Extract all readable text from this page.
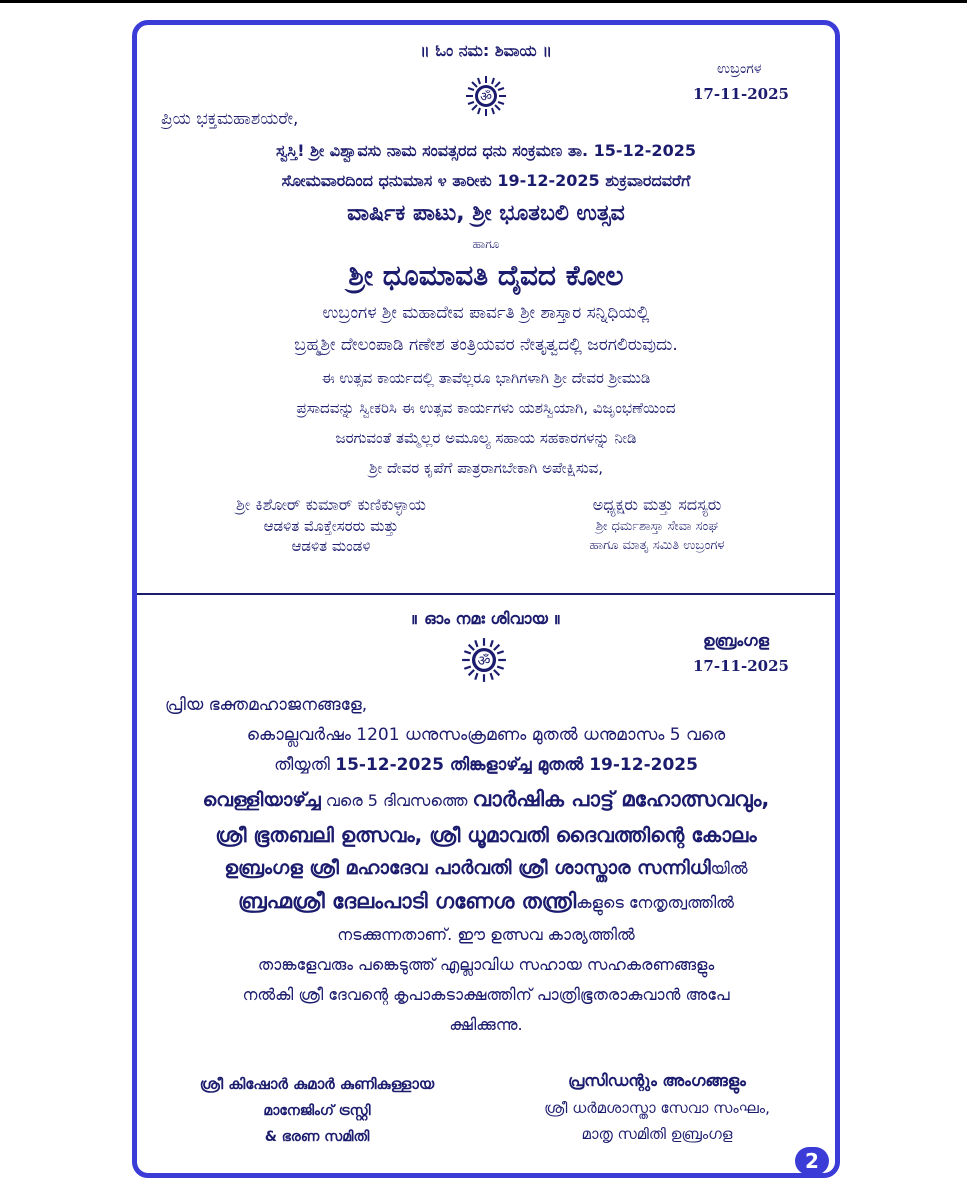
॥ ಓಂ ನಮ: ಶಿವಾಯ ॥
ॐ
ಉಬ್ರಂಗಳ
17-11-2025
ಪ್ರಿಯ ಭಕ್ತಮಹಾಶಯರೇ,
ಸ್ವಸ್ತಿ! ಶ್ರೀ ವಿಶ್ವಾವಸು ನಾಮ ಸಂವತ್ಸರದ ಧನು ಸಂಕ್ರಮಣ ತಾ. 15-12-2025
ಸೋಮವಾರದಿಂದ ಧನುಮಾಸ ೪ ತಾರೀಕು 19-12-2025 ಶುಕ್ರವಾರದವರೆಗೆ
ವಾರ್ಷಿಕ ಪಾಟು, ಶ್ರೀ ಭೂತಬಲಿ ಉತ್ಸವ
ಹಾಗೂ
ಶ್ರೀ ಧೂಮಾವತಿ ದೈವದ ಕೋಲ
ಉಬ್ರಂಗಳ ಶ್ರೀ ಮಹಾದೇವ ಪಾರ್ವತಿ ಶ್ರೀ ಶಾಸ್ತಾರ ಸನ್ನಿಧಿಯಲ್ಲಿ
ಬ್ರಹ್ಮಶ್ರೀ ದೇಲಂಪಾಡಿ ಗಣೇಶ ತಂತ್ರಿಯವರ ನೇತೃತ್ವದಲ್ಲಿ ಜರಗಲಿರುವುದು.
ಈ ಉತ್ಸವ ಕಾರ್ಯದಲ್ಲಿ ತಾವೆಲ್ಲರೂ ಭಾಗಿಗಳಾಗಿ ಶ್ರೀ ದೇವರ ಶ್ರೀಮುಡಿ
ಪ್ರಸಾದವನ್ನು ಸ್ವೀಕರಿಸಿ ಈ ಉತ್ಸವ ಕಾರ್ಯಗಳು ಯಶಸ್ವಿಯಾಗಿ, ವಿಜೃಂಭಣೆಯಿಂದ
ಜರಗುವಂತೆ ತಮ್ಮೆಲ್ಲರ ಅಮೂಲ್ಯ ಸಹಾಯ ಸಹಕಾರಗಳನ್ನು ನೀಡಿ
ಶ್ರೀ ದೇವರ ಕೃಪೆಗೆ ಪಾತ್ರರಾಗಬೇಕಾಗಿ ಅಪೇಕ್ಷಿಸುವ,
ಶ್ರೀ ಕಿಶೋರ್ ಕುಮಾರ್ ಕುಣಿಕುಳ್ಳಾಯ
ಆಡಳಿತ ಮೊಕ್ತೇಸರರು ಮತ್ತು
ಆಡಳಿತ ಮಂಡಳಿ
ಅಧ್ಯಕ್ಷರು ಮತ್ತು ಸದಸ್ಯರು
ಶ್ರೀ ಧರ್ಮಶಾಸ್ತಾ ಸೇವಾ ಸಂಘ
ಹಾಗೂ ಮಾತೃ ಸಮಿತಿ ಉಬ್ರಂಗಳ
॥ ഓം നമഃ ശിവായ ॥
ॐ
ഉബ്രംഗള
17-11-2025
പ്രിയ ഭക്തമഹാജനങ്ങളേ,
കൊല്ലവർഷം 1201 ധനുസംക്രമണം മുതൽ ധനുമാസം 5 വരെ
തീയ്യതി 15-12-2025 തിങ്കളാഴ്ച്ച മുതൽ 19-12-2025
വെള്ളിയാഴ്ച്ച വരെ 5 ദിവസത്തെ വാർഷിക പാട്ട് മഹോത്സവവും,
ശ്രീ ഭൂതബലി ഉത്സവം, ശ്രീ ധൂമാവതി ദൈവത്തിന്റെ കോലം
ഉബ്രംഗള ശ്രീ മഹാദേവ പാർവതി ശ്രീ ശാസ്താര സന്നിധിയിൽ
ബ്രഹ്മശ്രീ ദേലംപാടി ഗണേശ തന്ത്രികളുടെ നേതൃത്വത്തിൽ
നടക്കുന്നതാണ്. ഈ ഉത്സവ കാര്യത്തിൽ
താങ്കളേവരും പങ്കെടുത്ത് എല്ലാവിധ സഹായ സഹകരണങ്ങളും
നൽകി ശ്രീ ദേവന്റെ കൃപാകടാക്ഷത്തിന് പാത്രിഭൂതരാകുവാൻ അപേ
ക്ഷിക്കുന്നു.
ശ്രീ കിഷോർ കുമാർ കുണികുള്ളായ
മാനേജിംഗ് ട്രസ്റ്റി
& ഭരണ സമിതി
പ്രസിഡന്റും അംഗങ്ങളും
ശ്രീ ധർമശാസ്താ സേവാ സംഘം,
മാതൃ സമിതി ഉബ്രംഗള
2
